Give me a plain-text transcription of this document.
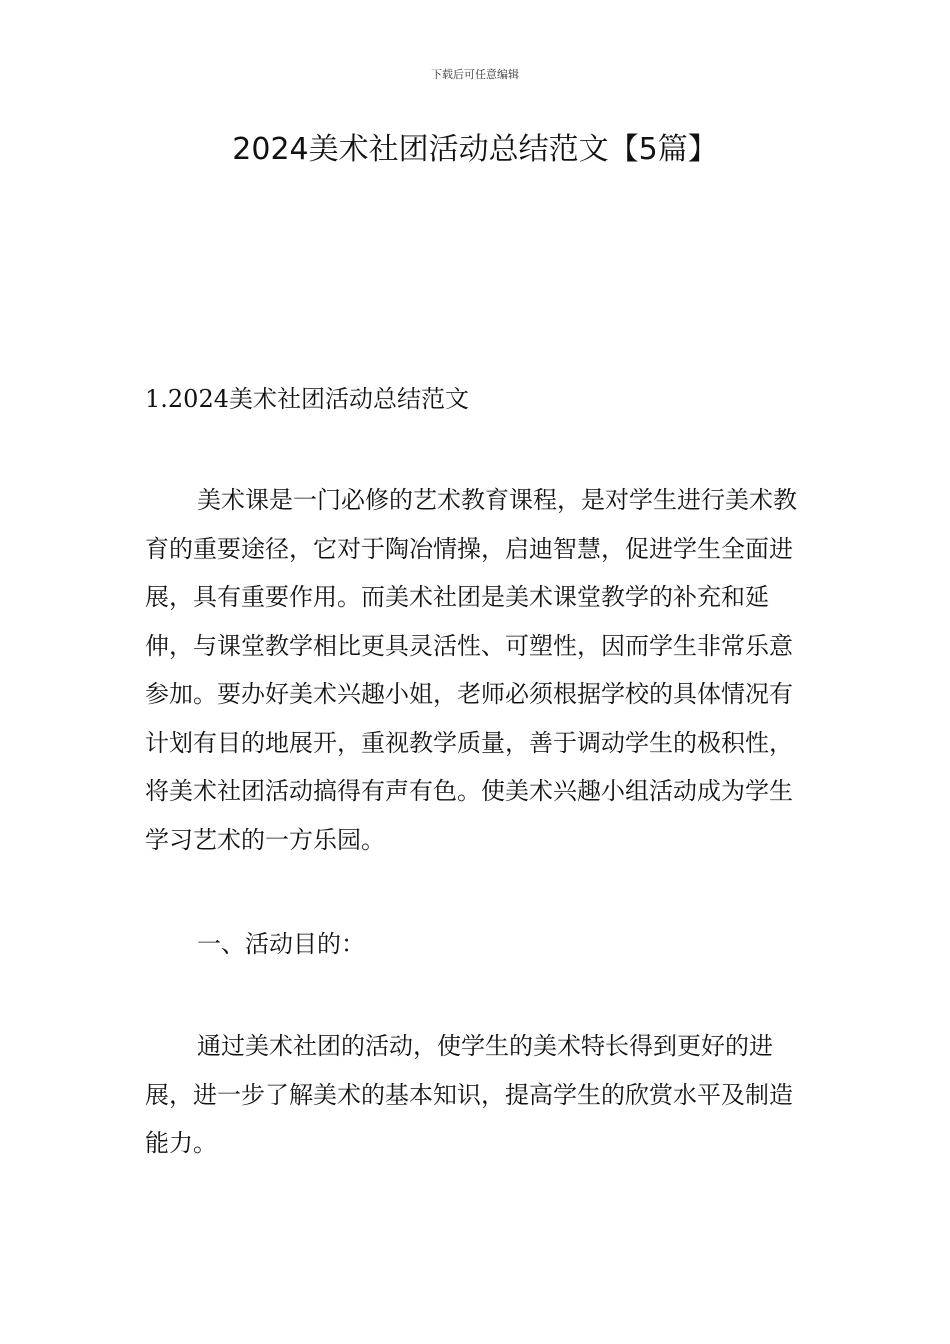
下载后可任意编辑
2024美术社团活动总结范文【5篇】

1.2024美术社团活动总结范文

美术课是一门必修的艺术教育课程，是对学生进行美术教育的重要途径，它对于陶冶情操，启迪智慧，促进学生全面进展，具有重要作用。而美术社团是美术课堂教学的补充和延伸，与课堂教学相比更具灵活性、可塑性，因而学生非常乐意参加。要办好美术兴趣小姐，老师必须根据学校的具体情况有计划有目的地展开，重视教学质量，善于调动学生的极积性，将美术社团活动搞得有声有色。使美术兴趣小组活动成为学生学习艺术的一方乐园。

一、活动目的：

通过美术社团的活动，使学生的美术特长得到更好的进展，进一步了解美术的基本知识，提高学生的欣赏水平及制造能力。
